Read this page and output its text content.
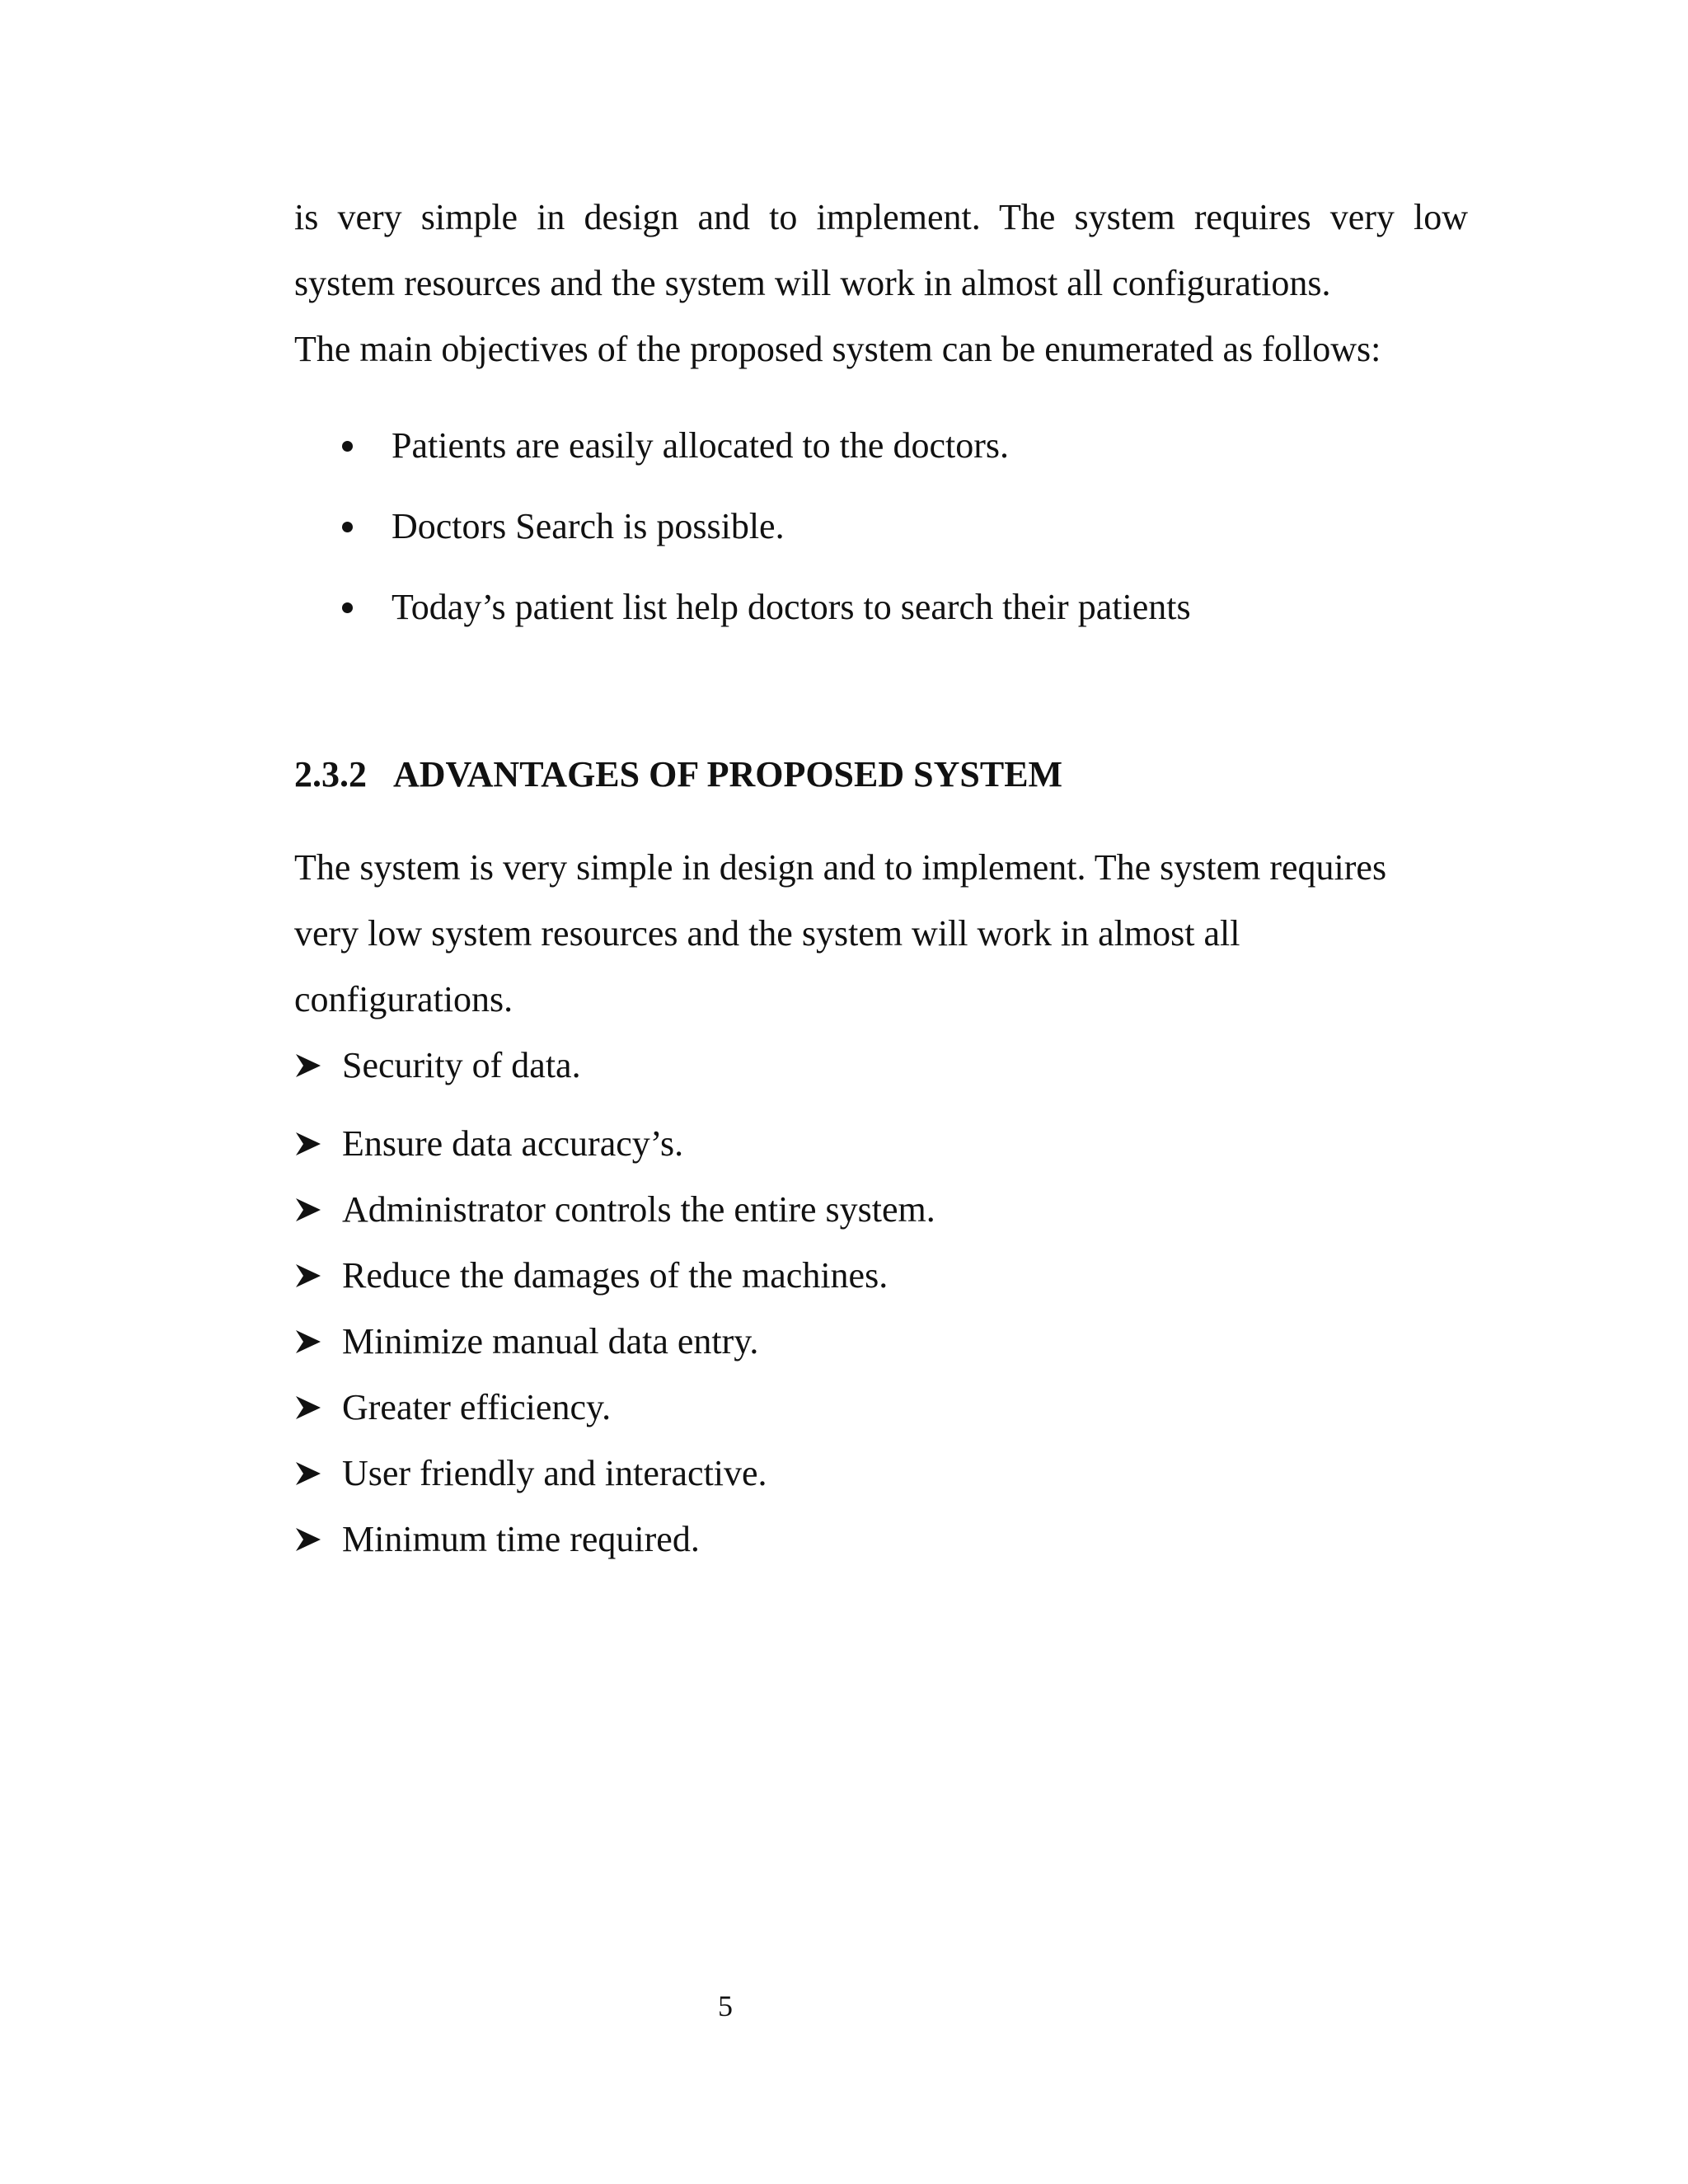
is very simple in design and to implement. The system requires very low
system resources and the system will work in almost all configurations.
The main objectives of the proposed system can be enumerated as follows:
Patients are easily allocated to the doctors.
Doctors Search is possible.
Today’s patient list help doctors to search their patients
2.3.2 ADVANTAGES OF PROPOSED SYSTEM
The system is very simple in design and to implement. The system requires
very low system resources and the system will work in almost all
configurations.
Security of data.
Ensure data accuracy’s.
Administrator controls the entire system.
Reduce the damages of the machines.
Minimize manual data entry.
Greater efficiency.
User friendly and interactive.
Minimum time required.
5
